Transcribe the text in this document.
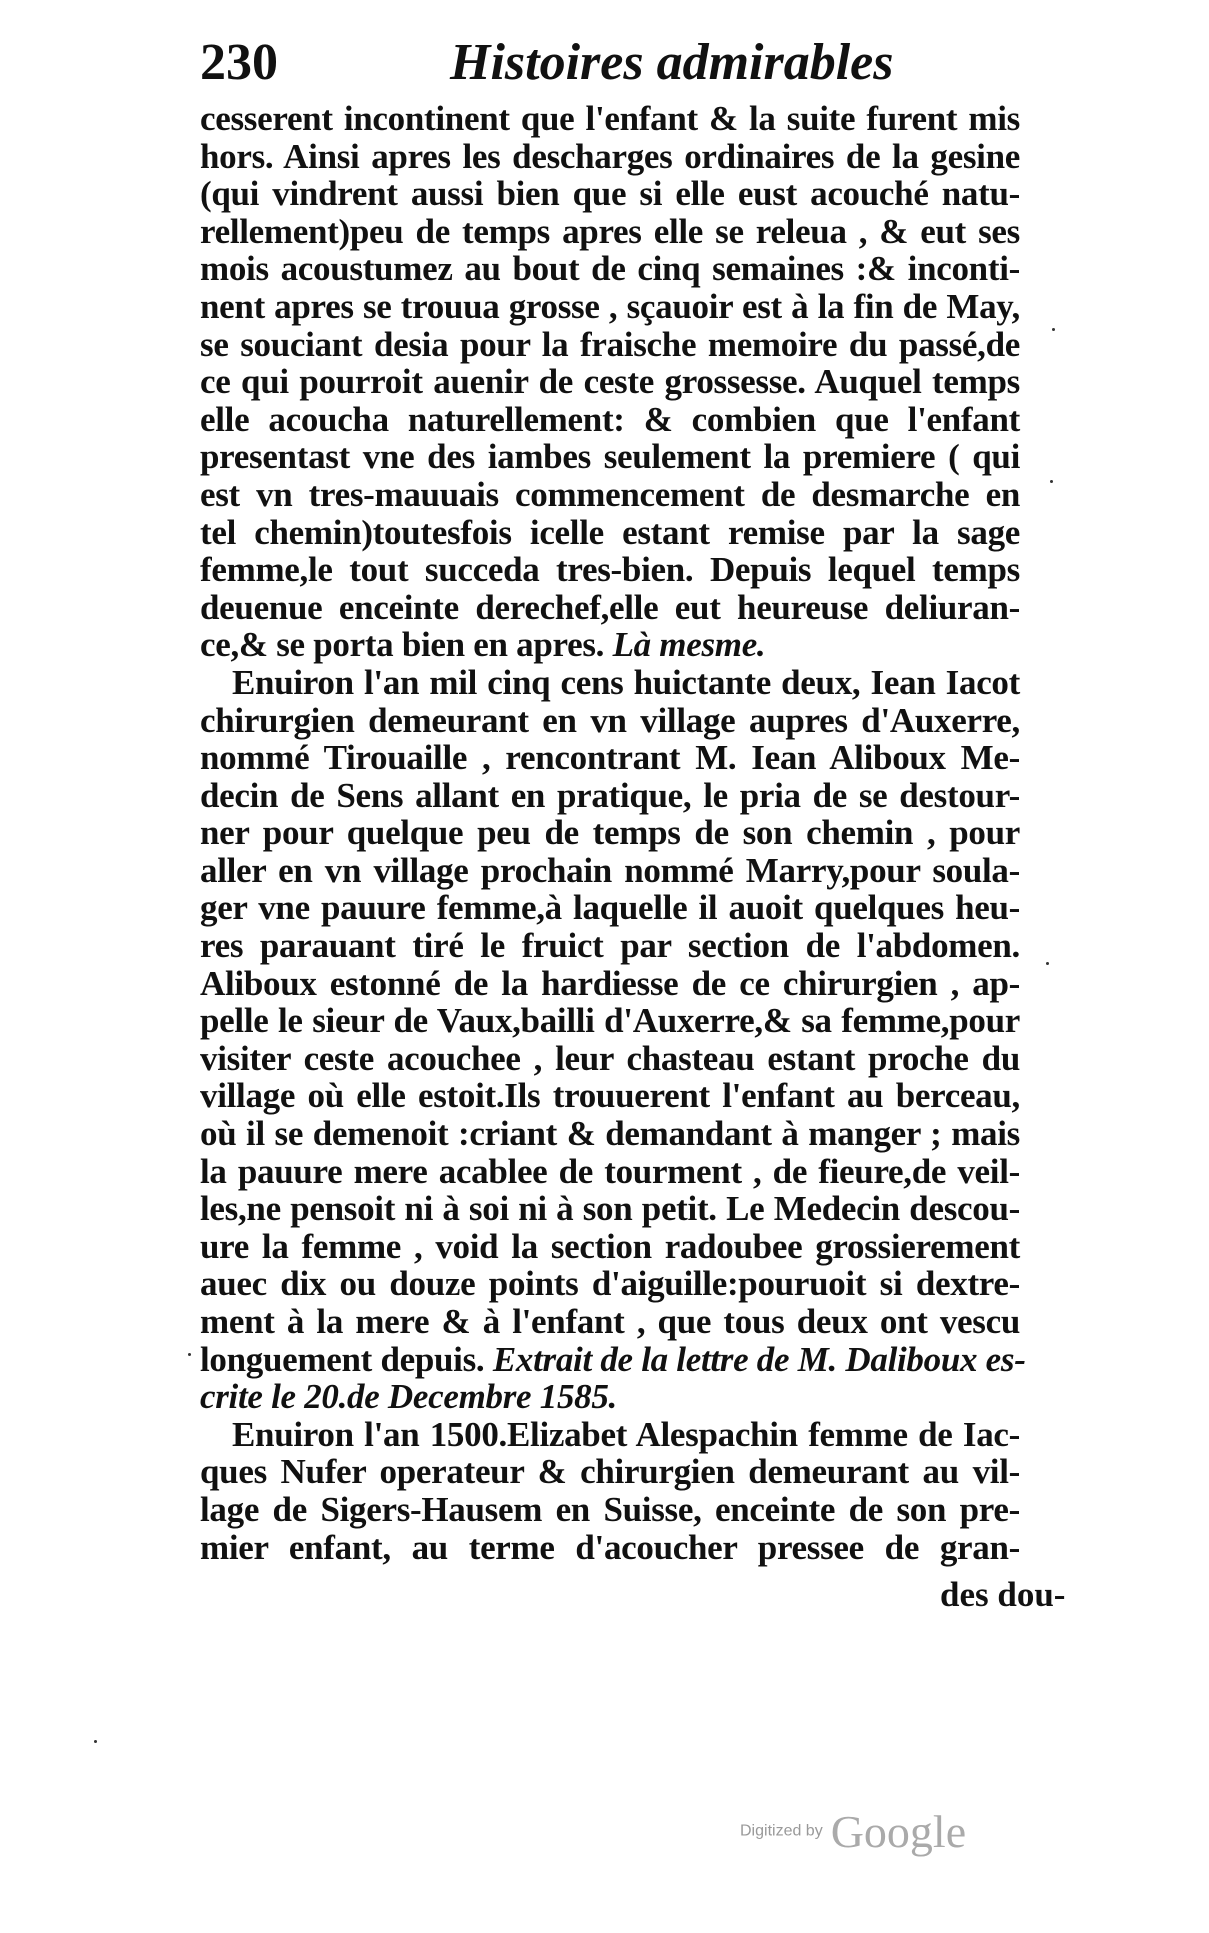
230	Histoires admirables
cesserent incontinent que l'enfant & la suite furent mis
hors. Ainsi apres les descharges ordinaires de la gesine
(qui vindrent aussi bien que si elle eust acouché natu-
rellement)peu de temps apres elle se releua , & eut ses
mois acoustumez au bout de cinq semaines :& inconti-
nent apres se trouua grosse , sçauoir est à la fin de May,
se souciant desia pour la fraische memoire du passé,de
ce qui pourroit auenir de ceste grossesse. Auquel temps
elle acoucha naturellement: & combien que l'enfant
presentast vne des iambes seulement la premiere ( qui
est vn tres-mauuais commencement de desmarche en
tel chemin)toutesfois icelle estant remise par la sage
femme,le tout succeda tres-bien. Depuis lequel temps
deuenue enceinte derechef,elle eut heureuse deliuran-
ce,& se porta bien en apres. Là mesme.
Enuiron l'an mil cinq cens huictante deux, Iean Iacot
chirurgien demeurant en vn village aupres d'Auxerre,
nommé Tirouaille , rencontrant M. Iean Aliboux Me-
decin de Sens allant en pratique, le pria de se destour-
ner pour quelque peu de temps de son chemin , pour
aller en vn village prochain nommé Marry,pour soula-
ger vne pauure femme,à laquelle il auoit quelques heu-
res parauant tiré le fruict par section de l'abdomen.
Aliboux estonné de la hardiesse de ce chirurgien , ap-
pelle le sieur de Vaux,bailli d'Auxerre,& sa femme,pour
visiter ceste acouchee , leur chasteau estant proche du
village où elle estoit.Ils trouuerent l'enfant au berceau,
où il se demenoit :criant & demandant à manger ; mais
la pauure mere acablee de tourment , de fieure,de veil-
les,ne pensoit ni à soi ni à son petit. Le Medecin descou-
ure la femme , void la section radoubee grossierement
auec dix ou douze points d'aiguille:pouruoit si dextre-
ment à la mere & à l'enfant , que tous deux ont vescu
longuement depuis. Extrait de la lettre de M. Daliboux es-
crite le 20.de Decembre 1585.
Enuiron l'an 1500.Elizabet Alespachin femme de Iac-
ques Nufer operateur & chirurgien demeurant au vil-
lage de Sigers-Hausem en Suisse, enceinte de son pre-
mier enfant, au terme d'acoucher pressee de gran-
des dou-
Digitized by Google
